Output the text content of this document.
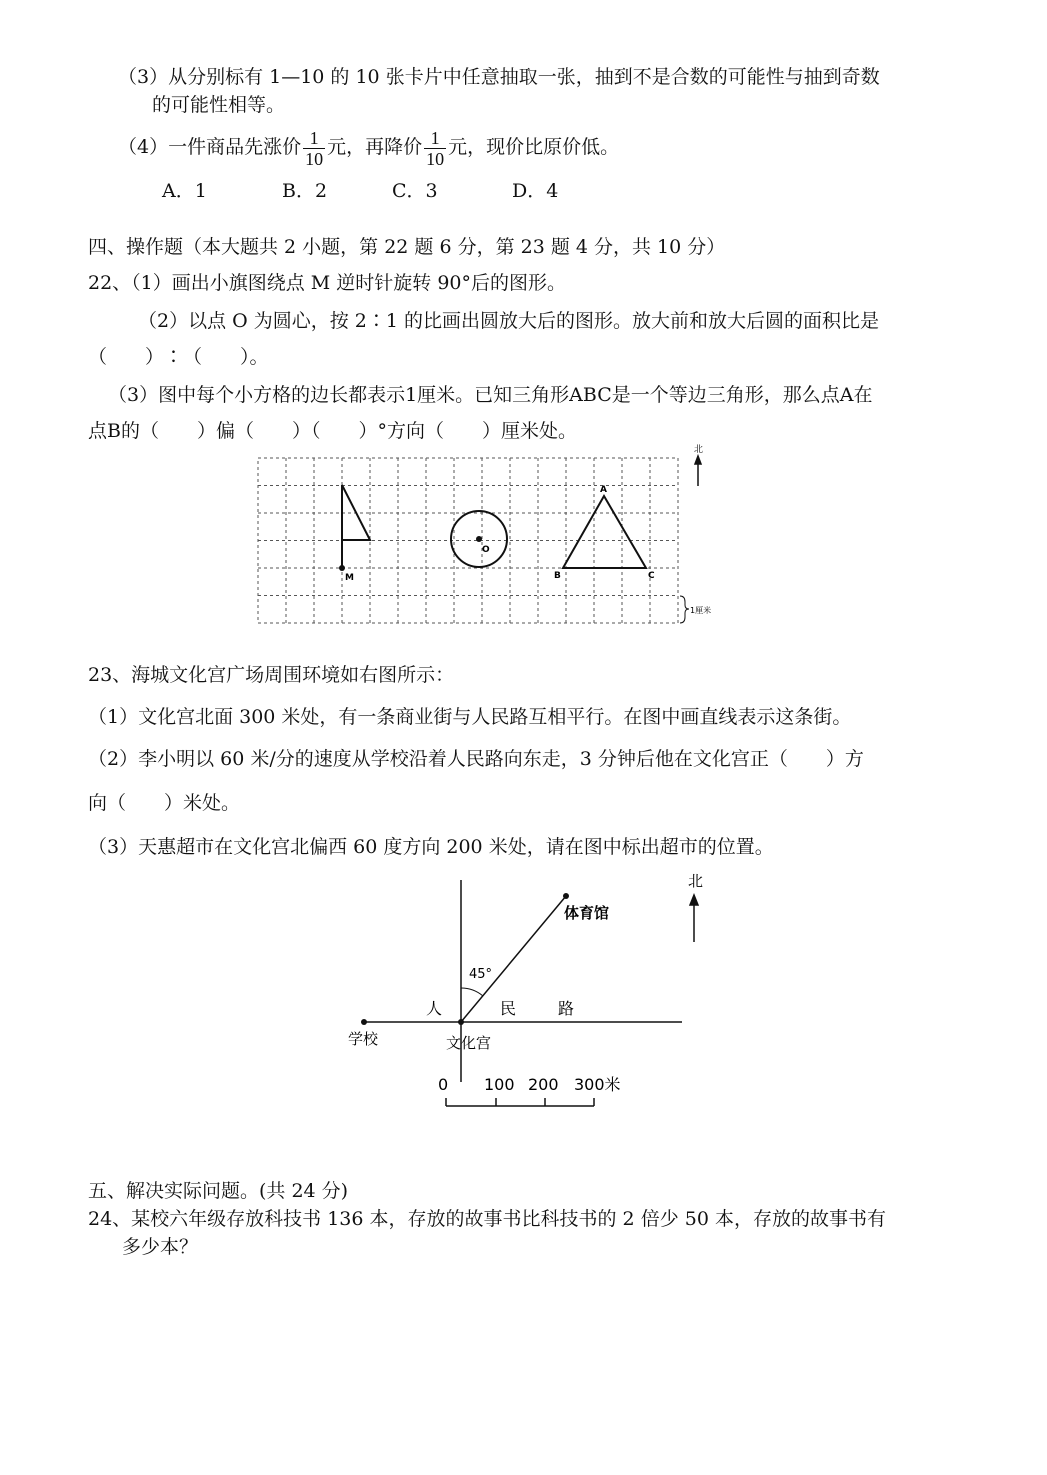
（3）从分别标有 1—10 的 10 张卡片中任意抽取一张，抽到不是合数的可能性与抽到奇数
的可能性相等。
（4）一件商品先涨价 $\frac{1}{10}$ 元，再降价 $\frac{1}{10}$ 元，现价比原价低。
A．1	B．2	C．3	D．4
四、操作题（本大题共 2 小题，第 22 题 6 分，第 23 题 4 分，共 10 分）
22、（1）画出小旗图绕点 M 逆时针旋转 90°后的图形。
（2）以点 O 为圆心，按 2∶1 的比画出圆放大后的图形。放大前和放大后圆的面积比是
（　　）∶（　　）。
（3）图中每个小方格的边长都表示1厘米。已知三角形ABC是一个等边三角形，那么点A在
点B的（　　）偏（　　）（　　）°方向（　　）厘米处。
M
O
A
B	C
北
1厘米
23、海城文化宫广场周围环境如右图所示：
（1）文化宫北面 300 米处，有一条商业街与人民路互相平行。在图中画直线表示这条街。
（2）李小明以 60 米/分的速度从学校沿着人民路向东走，3 分钟后他在文化宫正（　　）方
向（　　）米处。
（3）天惠超市在文化宫北偏西 60 度方向 200 米处，请在图中标出超市的位置。
体育馆
45°
人	民	路
学校	文化宫
北
0 100 200 300米
五、解决实际问题。(共 24 分)
24、某校六年级存放科技书 136 本，存放的故事书比科技书的 2 倍少 50 本，存放的故事书有
多少本？
